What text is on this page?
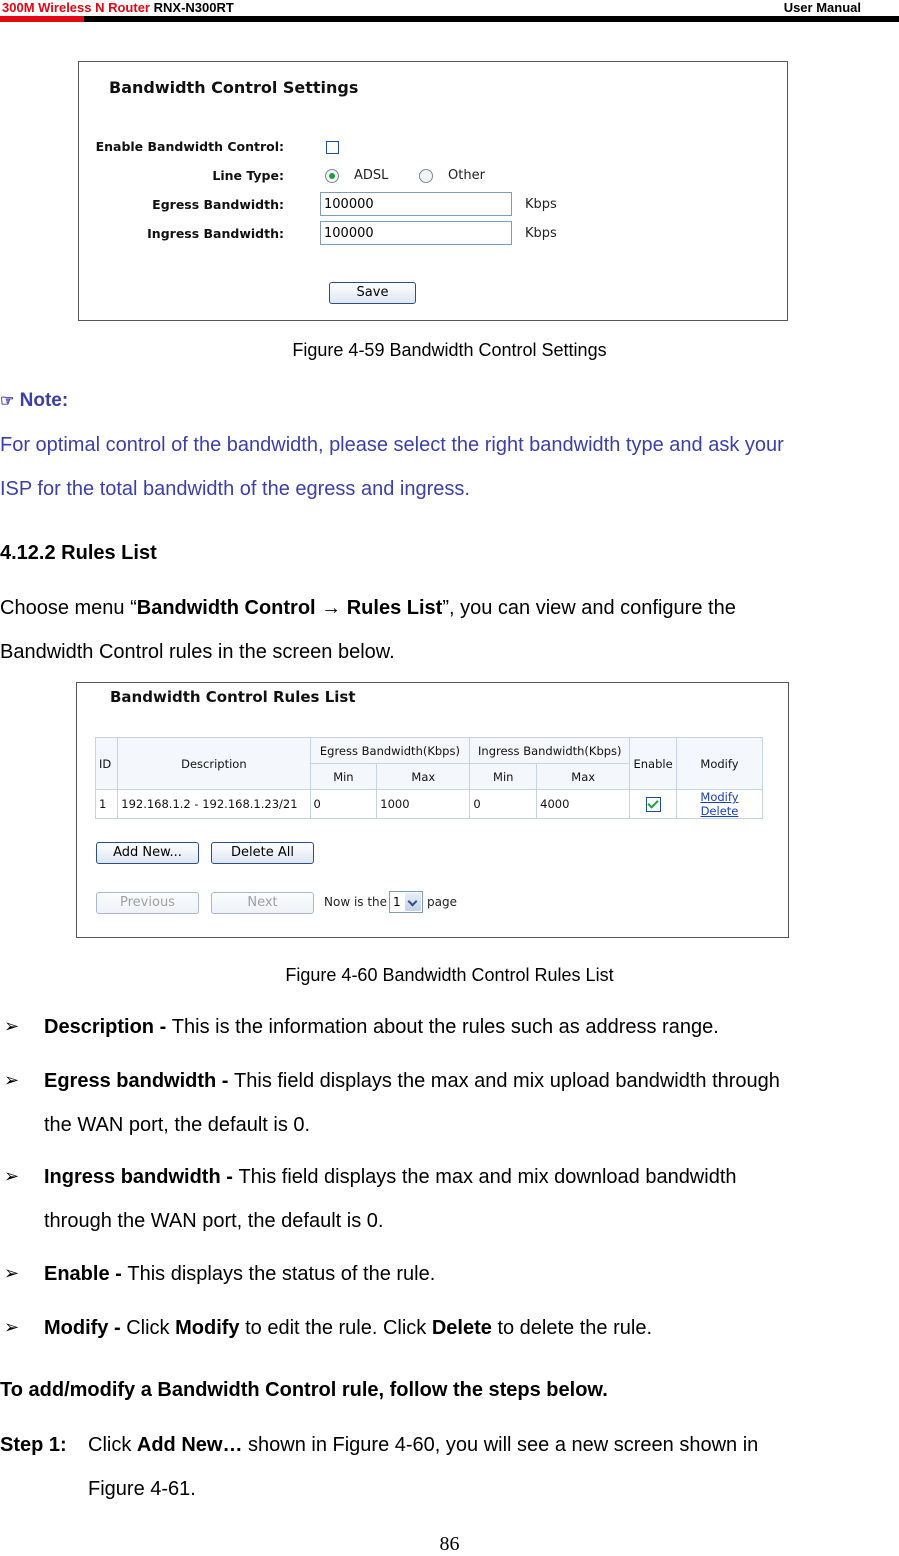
300M Wireless N Router RNX-N300RT	User Manual
Bandwidth Control Settings
Enable Bandwidth Control:
Line Type:	ADSL	Other
Egress Bandwidth:	100000	Kbps
Ingress Bandwidth:	100000	Kbps
Save
Figure 4-59 Bandwidth Control Settings
☞ Note:
For optimal control of the bandwidth, please select the right bandwidth type and ask your
ISP for the total bandwidth of the egress and ingress.
4.12.2 Rules List
Choose menu “Bandwidth Control → Rules List”, you can view and configure the
Bandwidth Control rules in the screen below.
Bandwidth Control Rules List
ID	Description	Egress Bandwidth(Kbps)		Ingress Bandwidth(Kbps)		Enable	Modify
		Min	Max	Min	Max		
1	192.168.1.2 - 192.168.1.23/21	0	1000	0	4000		Modify Delete
Add New...	Delete All
Previous	Next	Now is the 1	page
Figure 4-60 Bandwidth Control Rules List
➢ Description - This is the information about the rules such as address range.
➢ Egress bandwidth - This field displays the max and mix upload bandwidth through
the WAN port, the default is 0.
➢ Ingress bandwidth - This field displays the max and mix download bandwidth
through the WAN port, the default is 0.
➢ Enable - This displays the status of the rule.
➢ Modify - Click Modify to edit the rule. Click Delete to delete the rule.
To add/modify a Bandwidth Control rule, follow the steps below.
Step 1: Click Add New… shown in Figure 4-60, you will see a new screen shown in
Figure 4-61.
86
